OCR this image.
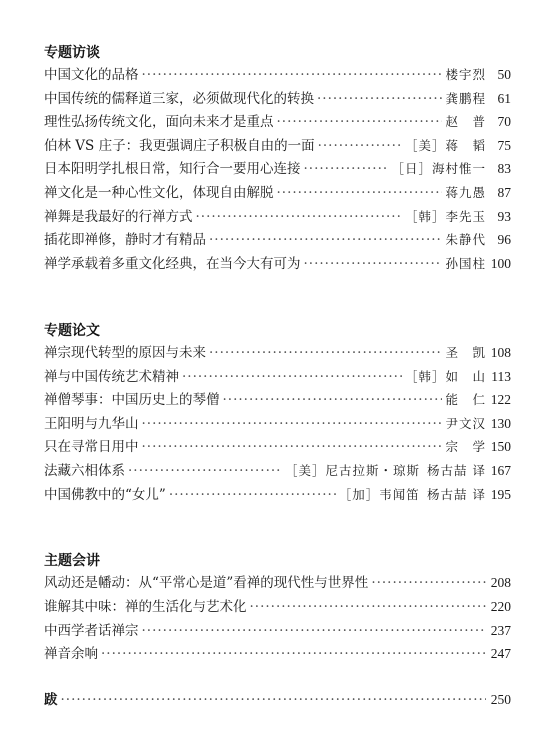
专题访谈
中国文化的品格 ·····	楼宇烈 50
中国传统的儒释道三家，必须做现代化的转换 ·····	龚鹏程 61
理性弘扬传统文化，面向未来才是重点 ·····	赵　普 70
伯林 VS 庄子：我更强调庄子积极自由的一面 ·····	［美］蒋　韬 75
日本阳明学扎根日常，知行合一要用心连接 ·····	［日］海村惟一 83
禅文化是一种心性文化，体现自由解脱 ·····	蒋九愚 87
禅舞是我最好的行禅方式 ·····	［韩］李先玉 93
插花即禅修，静时才有精品 ·····	朱静代 96
禅学承载着多重文化经典，在当今大有可为 ·····	孙国柱 100
专题论文
禅宗现代转型的原因与未来 ·····	圣　凯 108
禅与中国传统艺术精神 ·····	［韩］如　山 113
禅僧琴事：中国历史上的琴僧 ·····	能　仁 122
王阳明与九华山 ·····	尹文汉 130
只在寻常日用中 ·····	宗　学 150
法藏六相体系 ·····	［美］尼古拉斯・琼斯 杨古喆 译 167
中国佛教中的“女儿” ·····	［加］韦闻笛 杨古喆 译 195
主题会讲
风动还是幡动：从“平常心是道”看禅的现代性与世界性 ·····	208
谁解其中味：禅的生活化与艺术化 ·····	220
中西学者话禅宗 ·····	237
禅音余响 ·····	247
跋 ·····	250
